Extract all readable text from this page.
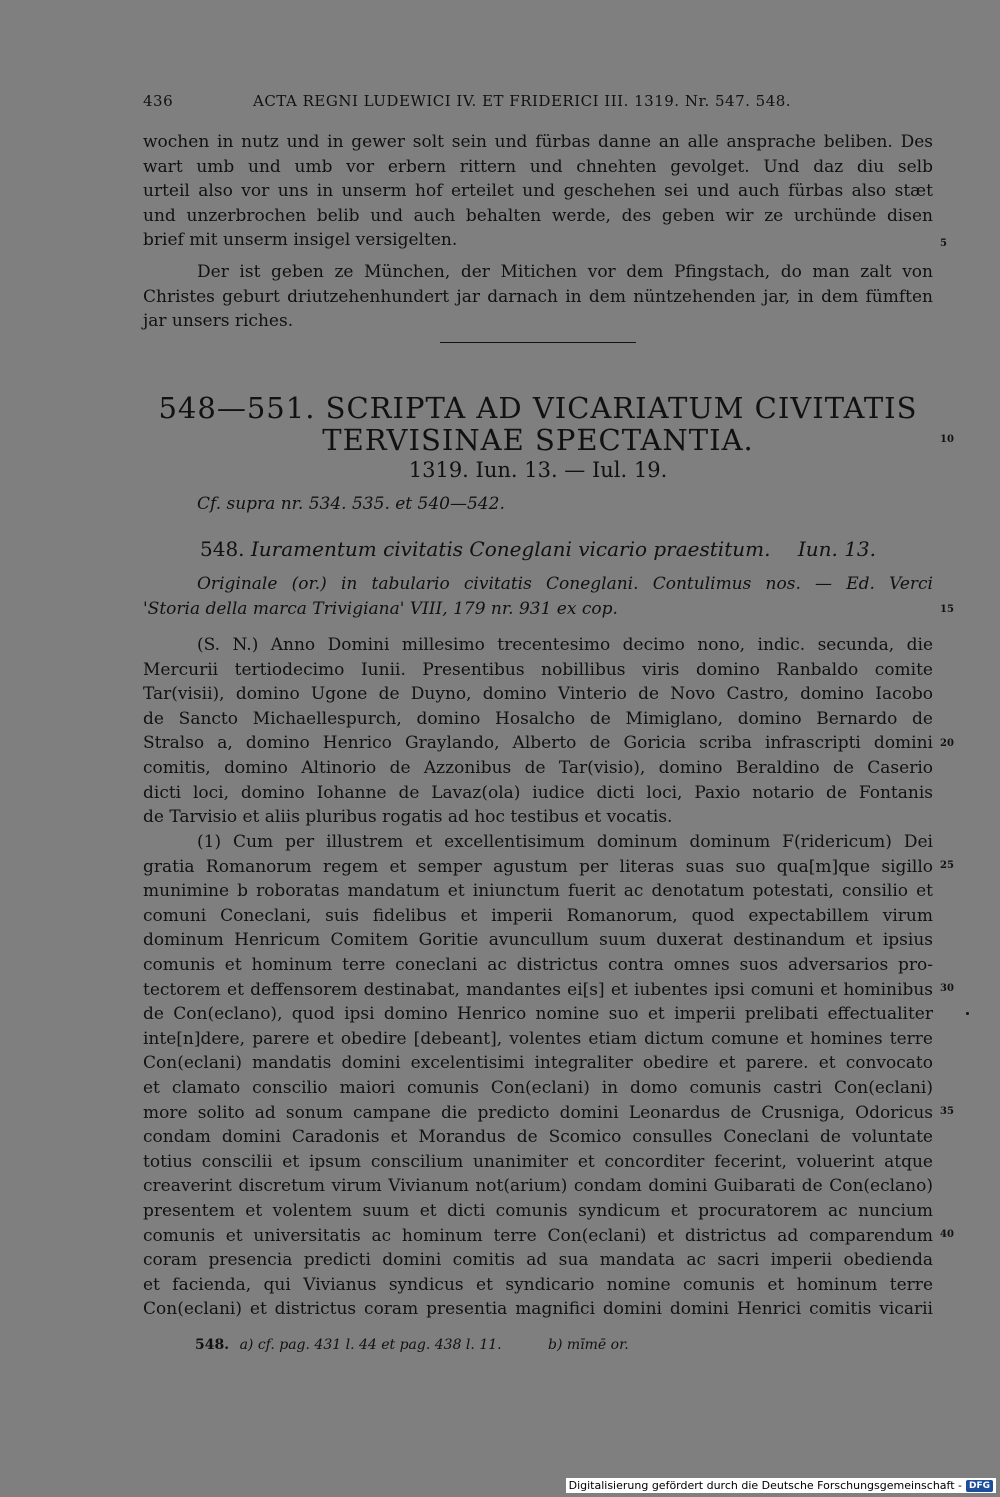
436	ACTA REGNI LUDEWICI IV. ET FRIDERICI III. 1319. Nr. 547. 548.
wochen in nutz und in gewer solt sein und fürbas danne an alle ansprache beliben. Des
wart umb und umb vor erbern rittern und chnehten gevolget. Und daz diu selb
urteil also vor uns in unserm hof erteilet und geschehen sei und auch fürbas also stæt
und unzerbrochen belib und auch behalten werde, des geben wir ze urchünde disen
brief mit unserm insigel versigelten.	5
Der ist geben ze München, der Mitichen vor dem Pfingstach, do man zalt von
Christes geburt driutzehenhundert jar darnach in dem nüntzehenden jar, in dem fümften
jar unsers riches.
548—551. SCRIPTA AD VICARIATUM CIVITATIS
TERVISINAE SPECTANTIA.	10
1319. Iun. 13. — Iul. 19.
Cf. supra nr. 534. 535. et 540—542.
548. Iuramentum civitatis Coneglani vicario praestitum. Iun. 13.
Originale (or.) in tabulario civitatis Coneglani. Contulimus nos. — Ed. Verci
'Storia della marca Trivigiana' VIII, 179 nr. 931 ex cop.	15
(S. N.) Anno Domini millesimo trecentesimo decimo nono, indic. secunda, die
Mercurii tertiodecimo Iunii. Presentibus nobillibus viris domino Ranbaldo comite
Tar(visii), domino Ugone de Duyno, domino Vinterio de Novo Castro, domino Iacobo
de Sancto Michaellespurch, domino Hosalcho de Mimiglano, domino Bernardo de
Stralso a, domino Henrico Graylando, Alberto de Goricia scriba infrascripti domini
comitis, domino Altinorio de Azzonibus de Tar(visio), domino Beraldino de Caserio
dicti loci, domino Iohanne de Lavaz(ola) iudice dicti loci, Paxio notario de Fontanis
de Tarvisio et aliis pluribus rogatis ad hoc testibus et vocatis.
(1) Cum per illustrem et excellentisimum dominum dominum F(ridericum) Dei
gratia Romanorum regem et semper agustum per literas suas suo qua[m]que sigillo
munimine b roboratas mandatum et iniunctum fuerit ac denotatum potestati, consilio et
comuni Coneclani, suis fidelibus et imperii Romanorum, quod expectabillem virum
dominum Henricum Comitem Goritie avuncullum suum duxerat destinandum et ipsius
comunis et hominum terre coneclani ac districtus contra omnes suos adversarios pro-
tectorem et deffensorem destinabat, mandantes ei[s] et iubentes ipsi comuni et hominibus
de Con(eclano), quod ipsi domino Henrico nomine suo et imperii prelibati effectualiter
inte[n]dere, parere et obedire [debeant], volentes etiam dictum comune et homines terre
Con(eclani) mandatis domini excelentisimi integraliter obedire et parere. et convocato
et clamato conscilio maiori comunis Con(eclani) in domo comunis castri Con(eclani)
more solito ad sonum campane die predicto domini Leonardus de Crusniga, Odoricus
condam domini Caradonis et Morandus de Scomico consulles Coneclani de voluntate
totius conscilii et ipsum conscilium unanimiter et concorditer fecerint, voluerint atque
creaverint discretum virum Vivianum not(arium) condam domini Guibarati de Con(eclano)
presentem et volentem suum et dicti comunis syndicum et procuratorem ac nuncium
comunis et universitatis ac hominum terre Con(eclani) et districtus ad comparendum
coram presencia predicti domini comitis ad sua mandata ac sacri imperii obedienda
et facienda, qui Vivianus syndicus et syndicario nomine comunis et hominum terre
Con(eclani) et districtus coram presentia magnifici domini domini Henrici comitis vicarii
20
25
30
35
40
548. a) cf. pag. 431 l. 44 et pag. 438 l. 11.	b) mīmē or.
Digitalisierung gefördert durch die Deutsche Forschungsgemeinschaft - DFG
